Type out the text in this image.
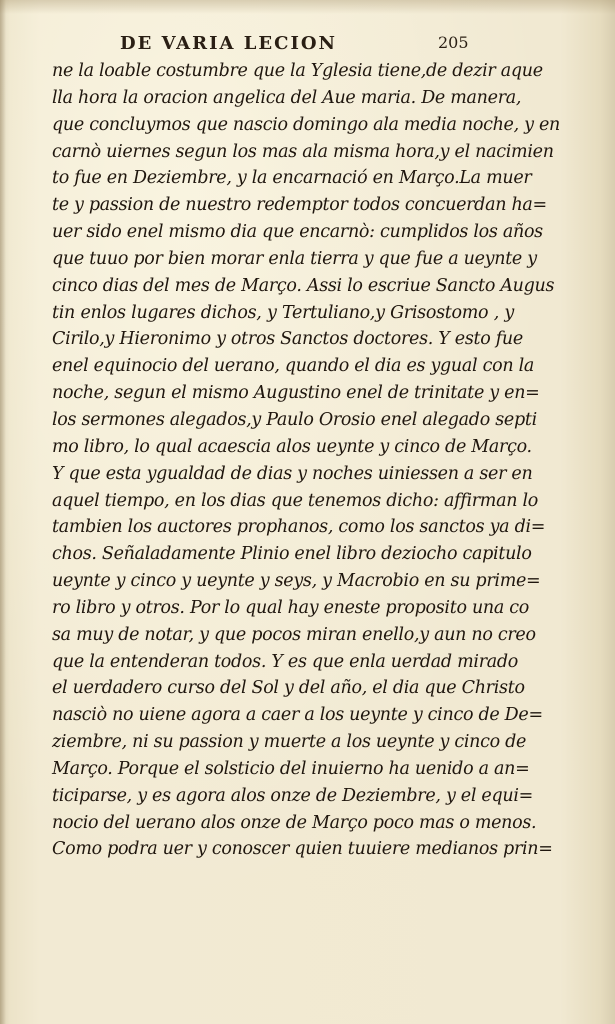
DE VARIA LECION	205
ne la loable costumbre que la Yglesia tiene,de dezir aque
lla hora la oracion angelica del Aue maria. De manera,
que concluymos que nascio domingo ala media noche, y en
carnò uiernes segun los mas ala misma hora,y el nacimien
to fue en Deziembre, y la encarnació en Março.La muer
te y passion de nuestro redemptor todos concuerdan ha=
uer sido enel mismo dia que encarnò: cumplidos los años
que tuuo por bien morar enla tierra y que fue a ueynte y
cinco dias del mes de Março. Assi lo escriue Sancto Augus
tin enlos lugares dichos, y Tertuliano,y Grisostomo , y
Cirilo,y Hieronimo y otros Sanctos doctores. Y esto fue
enel equinocio del uerano, quando el dia es ygual con la
noche, segun el mismo Augustino enel de trinitate y en=
los sermones alegados,y Paulo Orosio enel alegado septi
mo libro, lo qual acaescia alos ueynte y cinco de Março.
Y que esta ygualdad de dias y noches uiniessen a ser en
aquel tiempo, en los dias que tenemos dicho: affirman lo
tambien los auctores prophanos, como los sanctos ya di=
chos. Señaladamente Plinio enel libro deziocho capitulo
ueynte y cinco y ueynte y seys, y Macrobio en su prime=
ro libro y otros. Por lo qual hay eneste proposito una co
sa muy de notar, y que pocos miran enello,y aun no creo
que la entenderan todos. Y es que enla uerdad mirado
el uerdadero curso del Sol y del año, el dia que Christo
nasciò no uiene agora a caer a los ueynte y cinco de De=
ziembre, ni su passion y muerte a los ueynte y cinco de
Março. Porque el solsticio del inuierno ha uenido a an=
ticiparse, y es agora alos onze de Deziembre, y el equi=
nocio del uerano alos onze de Março poco mas o menos.
Como podra uer y conoscer quien tuuiere medianos prin=
